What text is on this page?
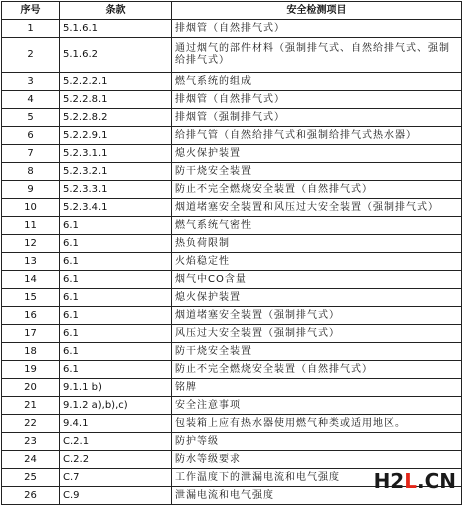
序号	条款	安全检测项目
1	5.1.6.1	排烟管（自然排气式）
2	5.1.6.2	通过烟气的部件材料（强制排气式、自然给排气式、强制给排气式）
3	5.2.2.2.1	燃气系统的组成
4	5.2.2.8.1	排烟管（自然排气式）
5	5.2.2.8.2	排烟管（强制排气式）
6	5.2.2.9.1	给排气管（自然给排气式和强制给排气式热水器）
7	5.2.3.1.1	熄火保护装置
8	5.2.3.2.1	防干烧安全装置
9	5.2.3.3.1	防止不完全燃烧安全装置（自然排气式）
10	5.2.3.4.1	烟道堵塞安全装置和风压过大安全装置（强制排气式）
11	6.1	燃气系统气密性
12	6.1	热负荷限制
13	6.1	火焰稳定性
14	6.1	烟气中CO含量
15	6.1	熄火保护装置
16	6.1	烟道堵塞安全装置（强制排气式）
17	6.1	风压过大安全装置（强制排气式）
18	6.1	防干烧安全装置
19	6.1	防止不完全燃烧安全装置（自然排气式）
20	9.1.1 b)	铭牌
21	9.1.2 a),b),c)	安全注意事项
22	9.4.1	包装箱上应有热水器使用燃气种类或适用地区。
23	C.2.1	防护等级
24	C.2.2	防水等级要求
25	C.7	工作温度下的泄漏电流和电气强度
26	C.9	泄漏电流和电气强度
H2 L . CN
